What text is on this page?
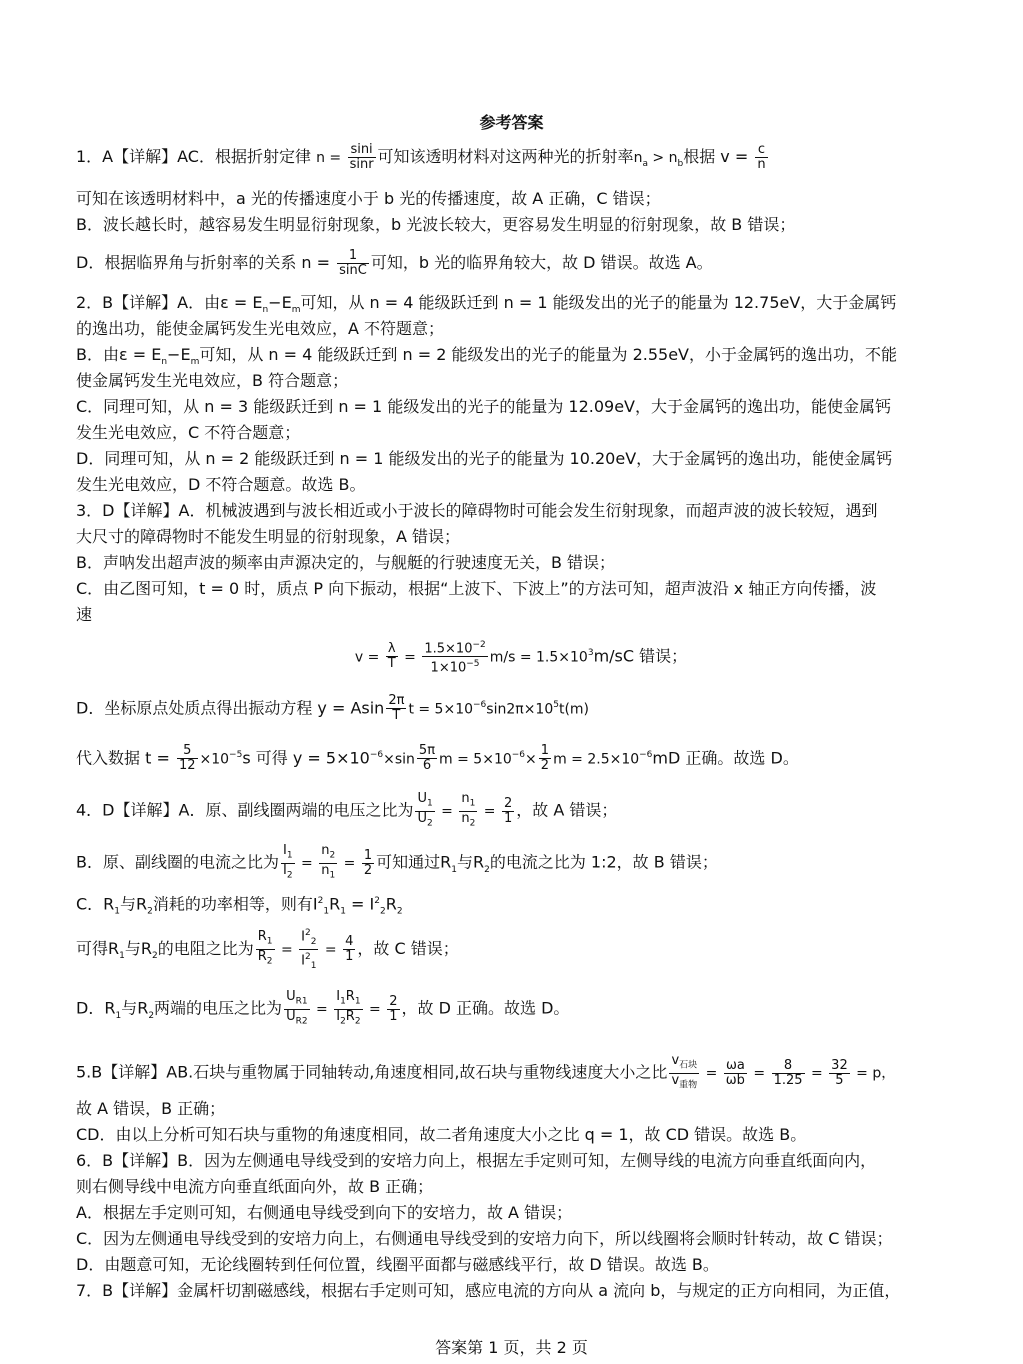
参考答案
1．A【详解】AC．根据折射定律 $n = \frac{\sin i}{\sin r}$ 可知该透明材料对这两种光的折射率$n_a > n_b$根据 $v = \frac{c}{n}$
可知在该透明材料中，a 光的传播速度小于 b 光的传播速度，故 A 正确，C 错误；
B．波长越长时，越容易发生明显衍射现象，b 光波长较大，更容易发生明显的衍射现象，故 B 错误；
D．根据临界角与折射率的关系 $n = \frac{1}{\sin C}$ 可知，b 光的临界角较大，故 D 错误。故选 A。
2．B【详解】A．由$\varepsilon = E_n-E_m$可知，从 n = 4 能级跃迁到 n = 1 能级发出的光子的能量为 12.75eV，大于金属钙
的逸出功，能使金属钙发生光电效应，A 不符题意；
B．由$\varepsilon = E_n-E_m$可知，从 n = 4 能级跃迁到 n = 2 能级发出的光子的能量为 2.55eV，小于金属钙的逸出功，不能
使金属钙发生光电效应，B 符合题意；
C．同理可知，从 n = 3 能级跃迁到 n = 1 能级发出的光子的能量为 12.09eV，大于金属钙的逸出功，能使金属钙
发生光电效应，C 不符合题意；
D．同理可知，从 n = 2 能级跃迁到 n = 1 能级发出的光子的能量为 10.20eV，大于金属钙的逸出功，能使金属钙
发生光电效应，D 不符合题意。故选 B。
3．D【详解】A．机械波遇到与波长相近或小于波长的障碍物时可能会发生衍射现象，而超声波的波长较短，遇到
大尺寸的障碍物时不能发生明显的衍射现象，A 错误；
B．声呐发出超声波的频率由声源决定的，与舰艇的行驶速度无关，B 错误；
C．由乙图可知，t = 0 时，质点 P 向下振动，根据“上波下、下波上”的方法可知，超声波沿 x 轴正方向传播，波
速
$v = \frac{\lambda}{T} = \frac{1.5\times 10^{-2}}{1\times 10^{-5}} m/s = 1.5\times 10^3m/sC$ 错误；
D．坐标原点处质点得出振动方程 y = Asin $\frac{2\pi}{T}$ $t = 5\times 10^{-6}\sin 2\pi\times 10^5t(m)$
代入数据 $t = \frac{5}{12} \times 10^{-5}s$ 可得 $y = 5\times 10^{-6}\times\sin \frac{5\pi}{6}$ $m = 5\times 10^{-6}\times \frac{1}{2}$ $m = 2.5\times 10^{-6}mD$ 正确。故选 D。
4．D【详解】A．原、副线圈两端的电压之比为 $\frac{U_1}{U_2} = \frac{n_1}{n_2} = \frac{2}{1}$ ，故 A 错误；
B．原、副线圈的电流之比为 $\frac{I_1}{I_2} = \frac{n_2}{n_1} = \frac{1}{2}$ 可知通过$R_1$与$R_2$的电流之比为 1:2，故 B 错误；
C．$R_1$与$R_2$消耗的功率相等，则有$I^2_1R_1 = I^2_2R_2$
可得$R_1$与$R_2$的电阻之比为 $\frac{R_1}{R_2} = \frac{I^2_2}{I^2_1} = \frac{4}{1}$ ，故 C 错误；
D．$R_1$与$R_2$两端的电压之比为 $\frac{U_{R1}}{U_{R2}} = \frac{I_1R_1}{I_2R_2} = \frac{2}{1}$ ，故 D 正确。故选 D。
5.B【详解】AB.石块与重物属于同轴转动,角速度相同,故石块与重物线速度大小之比 $\frac{v_{石块}}{v_{重物}} = \frac{\omega a}{\omega b} = \frac{8}{1.25} = \frac{32}{5} = p$，
故 A 错误，B 正确；
CD．由以上分析可知石块与重物的角速度相同，故二者角速度大小之比 q = 1，故 CD 错误。故选 B。
6．B【详解】B．因为左侧通电导线受到的安培力向上，根据左手定则可知，左侧导线的电流方向垂直纸面向内，
则右侧导线中电流方向垂直纸面向外，故 B 正确；
A．根据左手定则可知，右侧通电导线受到向下的安培力，故 A 错误；
C．因为左侧通电导线受到的安培力向上，右侧通电导线受到的安培力向下，所以线圈将会顺时针转动，故 C 错误；
D．由题意可知，无论线圈转到任何位置，线圈平面都与磁感线平行，故 D 错误。故选 B。
7．B【详解】金属杆切割磁感线，根据右手定则可知，感应电流的方向从 a 流向 b，与规定的正方向相同，为正值，
答案第 1 页，共 2 页
